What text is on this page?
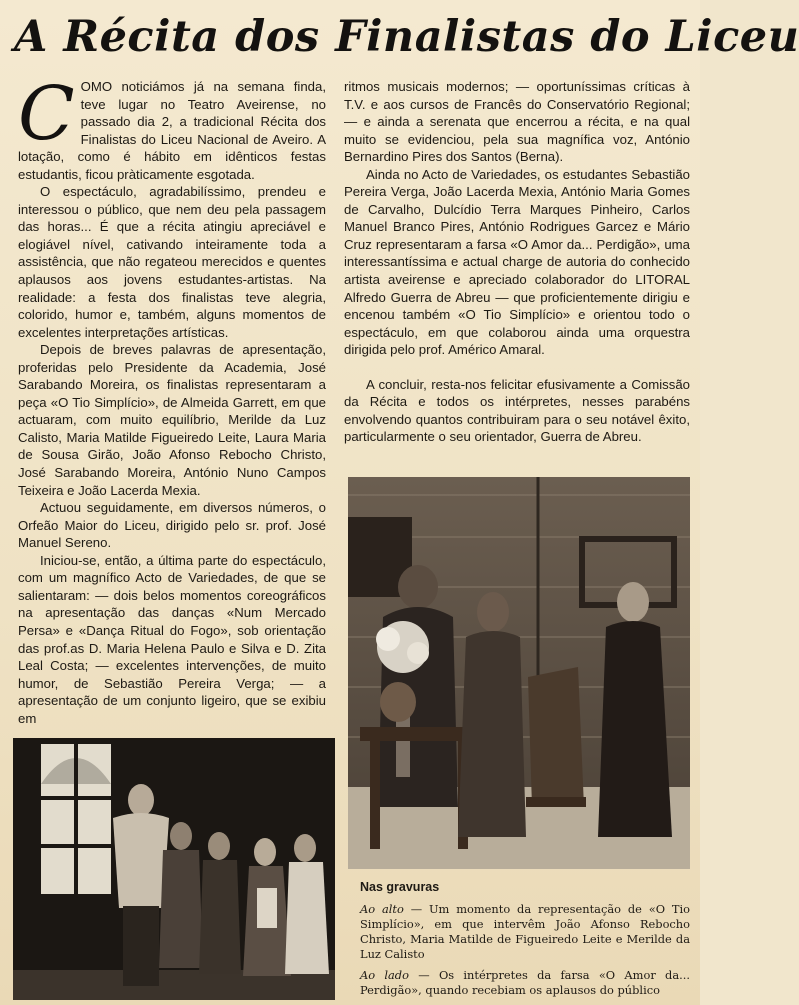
A Récita dos Finalistas do Liceu
C OMO noticiámos já na semana finda, teve lugar no Teatro Aveirense, no passado dia 2, a tradicional Récita dos Finalistas do Liceu Nacional de Aveiro. A lotação, como é hábito em idênticos festas estudantis, ficou pràticamente esgotada.

O espectáculo, agradabilíssimo, prendeu e interessou o público, que nem deu pela passagem das horas... É que a récita atingiu apreciável e elogiável nível, cativando inteiramente toda a assistência, que não regateou merecidos e quentes aplausos aos jovens estudantes-artistas. Na realidade: a festa dos finalistas teve alegria, colorido, humor e, também, alguns momentos de excelentes interpretações artísticas.

Depois de breves palavras de apresentação, proferidas pelo Presidente da Academia, José Sarabando Moreira, os finalistas representaram a peça «O Tio Simplício», de Almeida Garrett, em que actuaram, com muito equilíbrio, Merilde da Luz Calisto, Maria Matilde Figueiredo Leite, Laura Maria de Sousa Girão, João Afonso Rebocho Christo, José Sarabando Moreira, António Nuno Campos Teixeira e João Lacerda Mexia.

Actuou seguidamente, em diversos números, o Orfeão Maior do Liceu, dirigido pelo sr. prof. José Manuel Sereno.

Iniciou-se, então, a última parte do espectáculo, com um magnífico Acto de Variedades, de que se salientaram: — dois belos momentos coreográficos na apresentação das danças «Num Mercado Persa» e «Dança Ritual do Fogo», sob orientação das prof.as D. Maria Helena Paulo e Silva e D. Zita Leal Costa; — excelentes intervenções, de muito humor, de Sebastião Pereira Verga; — a apresentação de um conjunto ligeiro, que se exibiu em

ritmos musicais modernos; — oportuníssimas críticas à T.V. e aos cursos de Francês do Conservatório Regional; — e ainda a serenata que encerrou a récita, e na qual muito se evidenciou, pela sua magnífica voz, António Bernardino Pires dos Santos (Berna).

Ainda no Acto de Variedades, os estudantes Sebastião Pereira Verga, João Lacerda Mexia, António Maria Gomes de Carvalho, Dulcídio Terra Marques Pinheiro, Carlos Manuel Branco Pires, António Rodrigues Garcez e Mário Cruz representaram a farsa «O Amor da... Perdigão», uma interessantíssima e actual charge de autoria do conhecido artista aveirense e apreciado colaborador do LITORAL Alfredo Guerra de Abreu — que proficientemente dirigiu e encenou também «O Tio Simplício» e orientou todo o espectáculo, em que colaborou ainda uma orquestra dirigida pelo prof. Américo Amaral.

A concluir, resta-nos felicitar efusivamente a Comissão da Récita e todos os intérpretes, nesses parabéns envolvendo quantos contribuiram para o seu notável êxito, particularmente o seu orientador, Guerra de Abreu.

Nas gravuras

Ao alto — Um momento da representação de «O Tio Simplício», em que intervêm João Afonso Rebocho Christo, Maria Matilde de Figueiredo Leite e Merilde da Luz Calisto

Ao lado — Os intérpretes da farsa «O Amor da... Perdigão», quando recebiam os aplausos do público
